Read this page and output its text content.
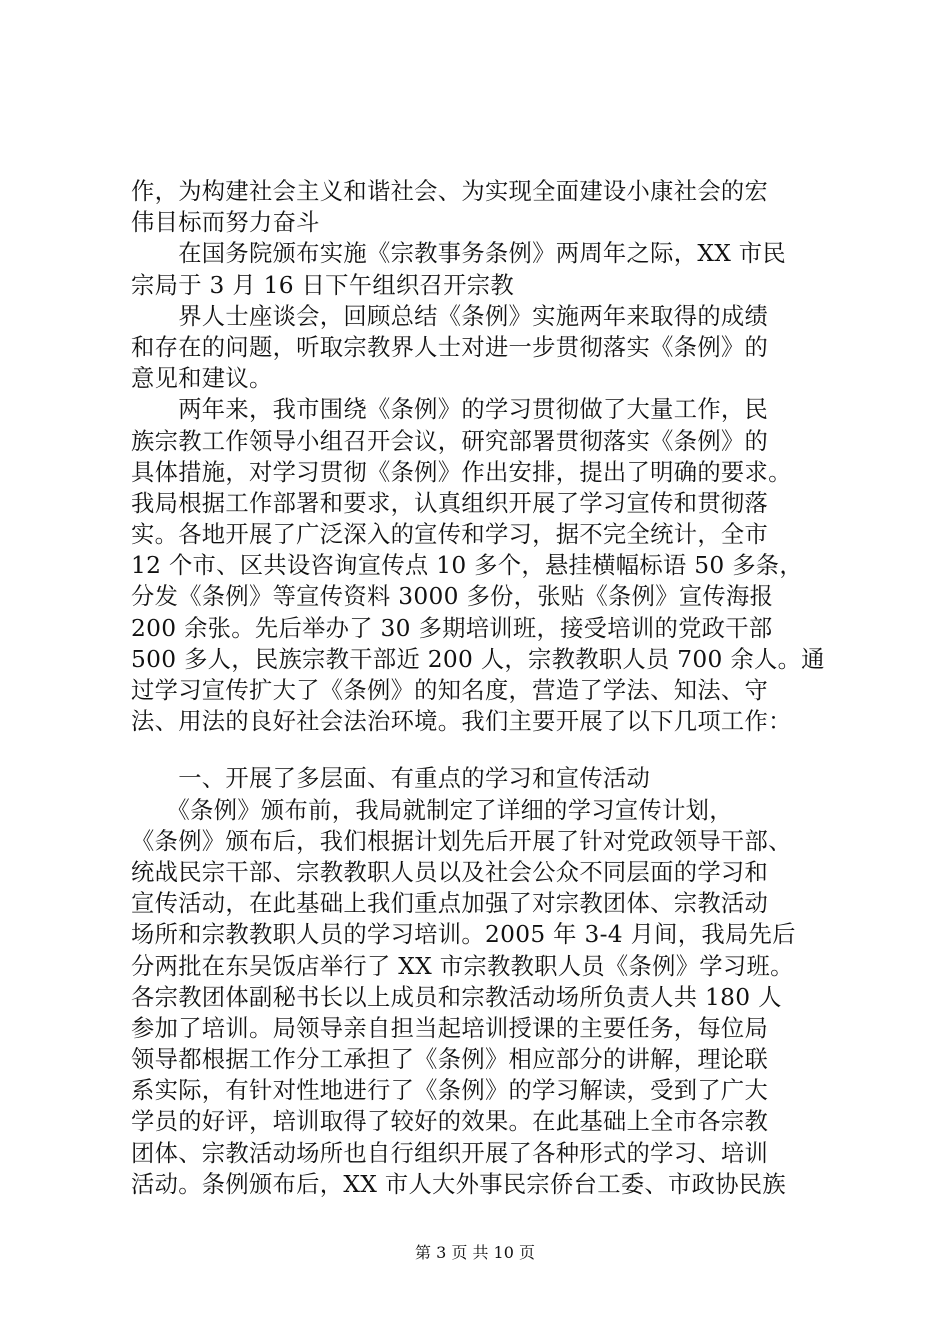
作，为构建社会主义和谐社会、为实现全面建设小康社会的宏
伟目标而努力奋斗
　　在国务院颁布实施《宗教事务条例》两周年之际，XX 市民
宗局于 3 月 16 日下午组织召开宗教
　　界人士座谈会，回顾总结《条例》实施两年来取得的成绩
和存在的问题，听取宗教界人士对进一步贯彻落实《条例》的
意见和建议。
　　两年来，我市围绕《条例》的学习贯彻做了大量工作，民
族宗教工作领导小组召开会议，研究部署贯彻落实《条例》的
具体措施，对学习贯彻《条例》作出安排，提出了明确的要求。
我局根据工作部署和要求，认真组织开展了学习宣传和贯彻落
实。各地开展了广泛深入的宣传和学习，据不完全统计，全市
12 个市、区共设咨询宣传点 10 多个，悬挂横幅标语 50 多条，
分发《条例》等宣传资料 3000 多份，张贴《条例》宣传海报
200 余张。先后举办了 30 多期培训班，接受培训的党政干部
500 多人，民族宗教干部近 200 人，宗教教职人员 700 余人。通
过学习宣传扩大了《条例》的知名度，营造了学法、知法、守
法、用法的良好社会法治环境。我们主要开展了以下几项工作：
　　一、开展了多层面、有重点的学习和宣传活动
　　《条例》颁布前，我局就制定了详细的学习宣传计划，
《条例》颁布后，我们根据计划先后开展了针对党政领导干部、
统战民宗干部、宗教教职人员以及社会公众不同层面的学习和
宣传活动，在此基础上我们重点加强了对宗教团体、宗教活动
场所和宗教教职人员的学习培训。2005 年 3-4 月间，我局先后
分两批在东吴饭店举行了 XX 市宗教教职人员《条例》学习班。
各宗教团体副秘书长以上成员和宗教活动场所负责人共 180 人
参加了培训。局领导亲自担当起培训授课的主要任务，每位局
领导都根据工作分工承担了《条例》相应部分的讲解，理论联
系实际，有针对性地进行了《条例》的学习解读，受到了广大
学员的好评，培训取得了较好的效果。在此基础上全市各宗教
团体、宗教活动场所也自行组织开展了各种形式的学习、培训
活动。条例颁布后，XX 市人大外事民宗侨台工委、市政协民族
第 3 页 共 10 页
